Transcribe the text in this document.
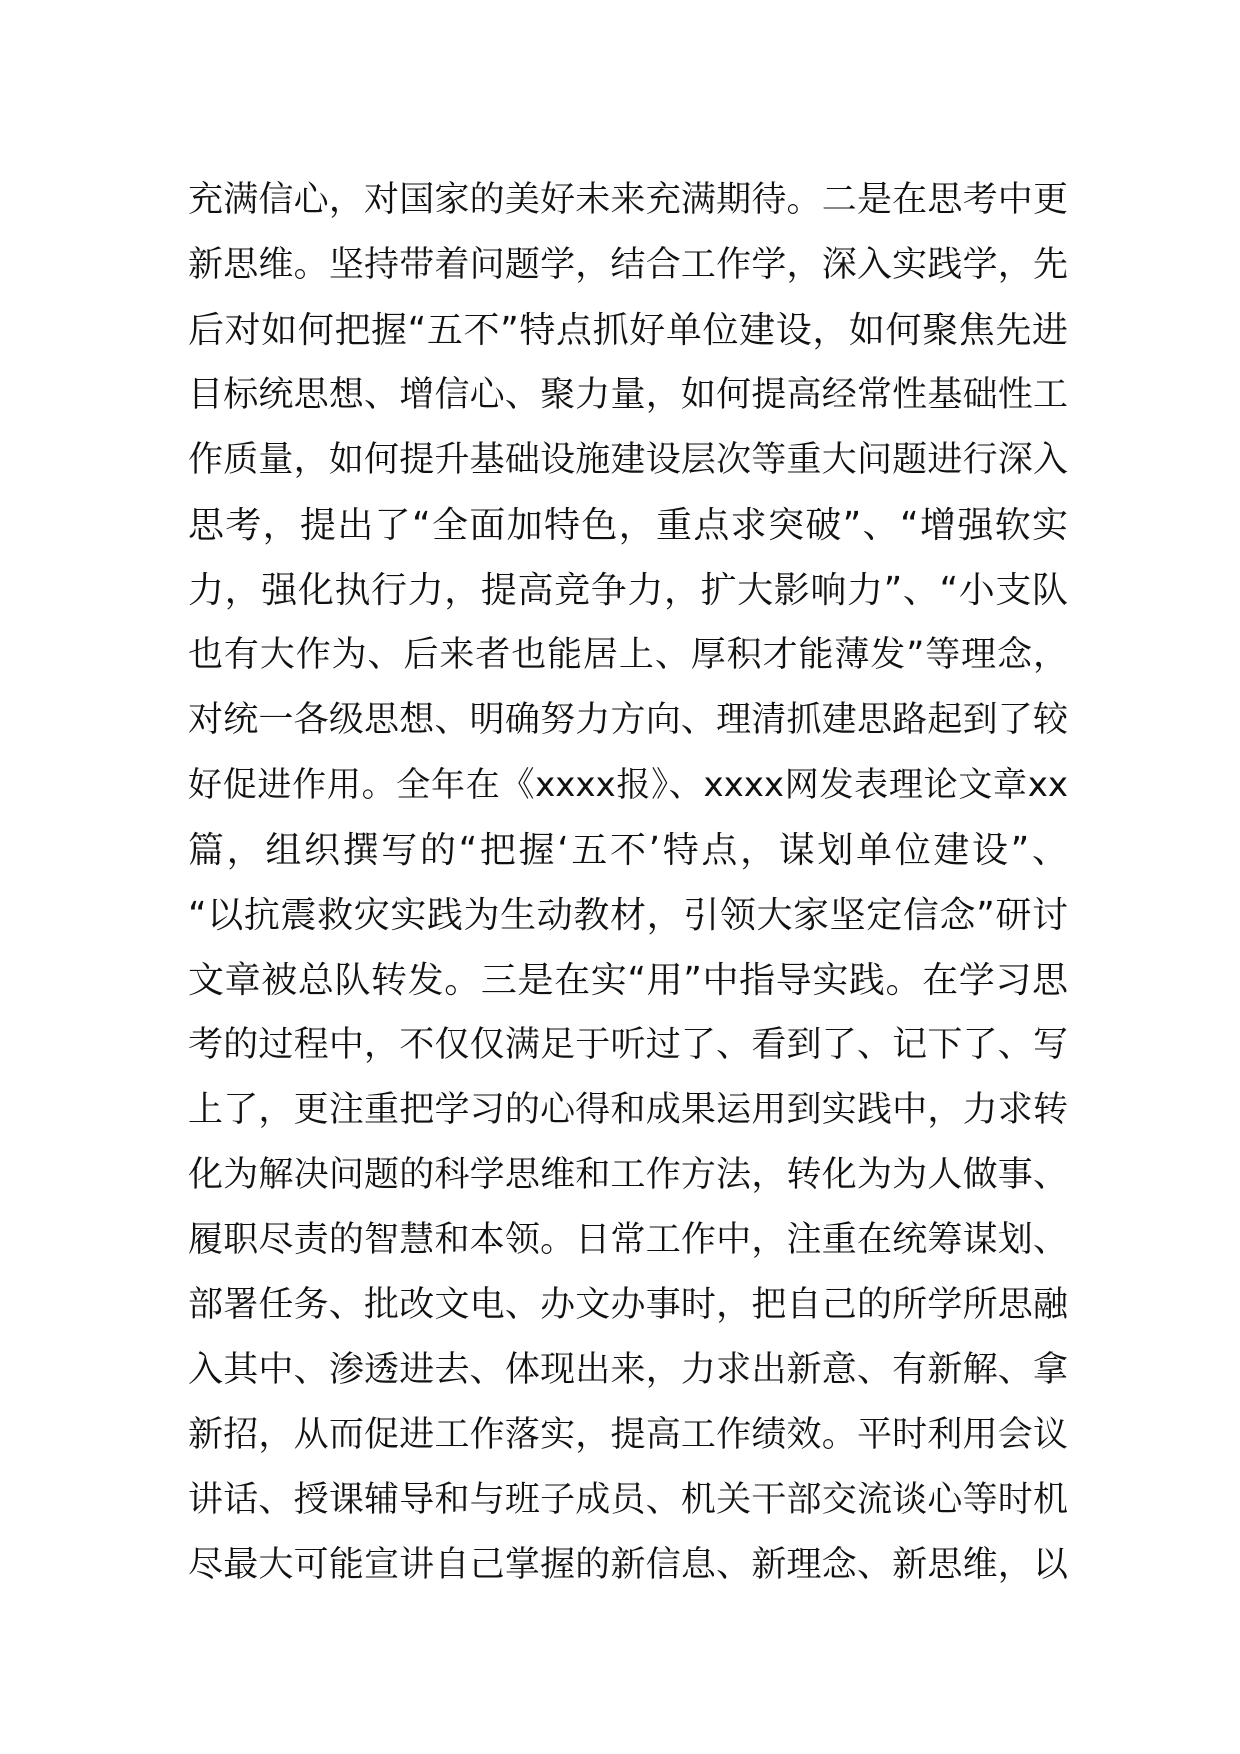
充满信心，对国家的美好未来充满期待。二是在思考中更
新思维。坚持带着问题学，结合工作学，深入实践学，先
后对如何把握“五不”特点抓好单位建设，如何聚焦先进
目标统思想、增信心、聚力量，如何提高经常性基础性工
作质量，如何提升基础设施建设层次等重大问题进行深入
思考，提出了“全面加特色，重点求突破”、“增强软实
力，强化执行力，提高竞争力，扩大影响力”、“小支队
也有大作为、后来者也能居上、厚积才能薄发”等理念，
对统一各级思想、明确努力方向、理清抓建思路起到了较
好促进作用。全年在《xxxx报》、xxxx网发表理论文章xx
篇，组织撰写的“把握‘五不’特点，谋划单位建设”、
“以抗震救灾实践为生动教材，引领大家坚定信念”研讨
文章被总队转发。三是在实“用”中指导实践。在学习思
考的过程中，不仅仅满足于听过了、看到了、记下了、写
上了，更注重把学习的心得和成果运用到实践中，力求转
化为解决问题的科学思维和工作方法，转化为为人做事、
履职尽责的智慧和本领。日常工作中，注重在统筹谋划、
部署任务、批改文电、办文办事时，把自己的所学所思融
入其中、渗透进去、体现出来，力求出新意、有新解、拿
新招，从而促进工作落实，提高工作绩效。平时利用会议
讲话、授课辅导和与班子成员、机关干部交流谈心等时机
尽最大可能宣讲自己掌握的新信息、新理念、新思维，以
